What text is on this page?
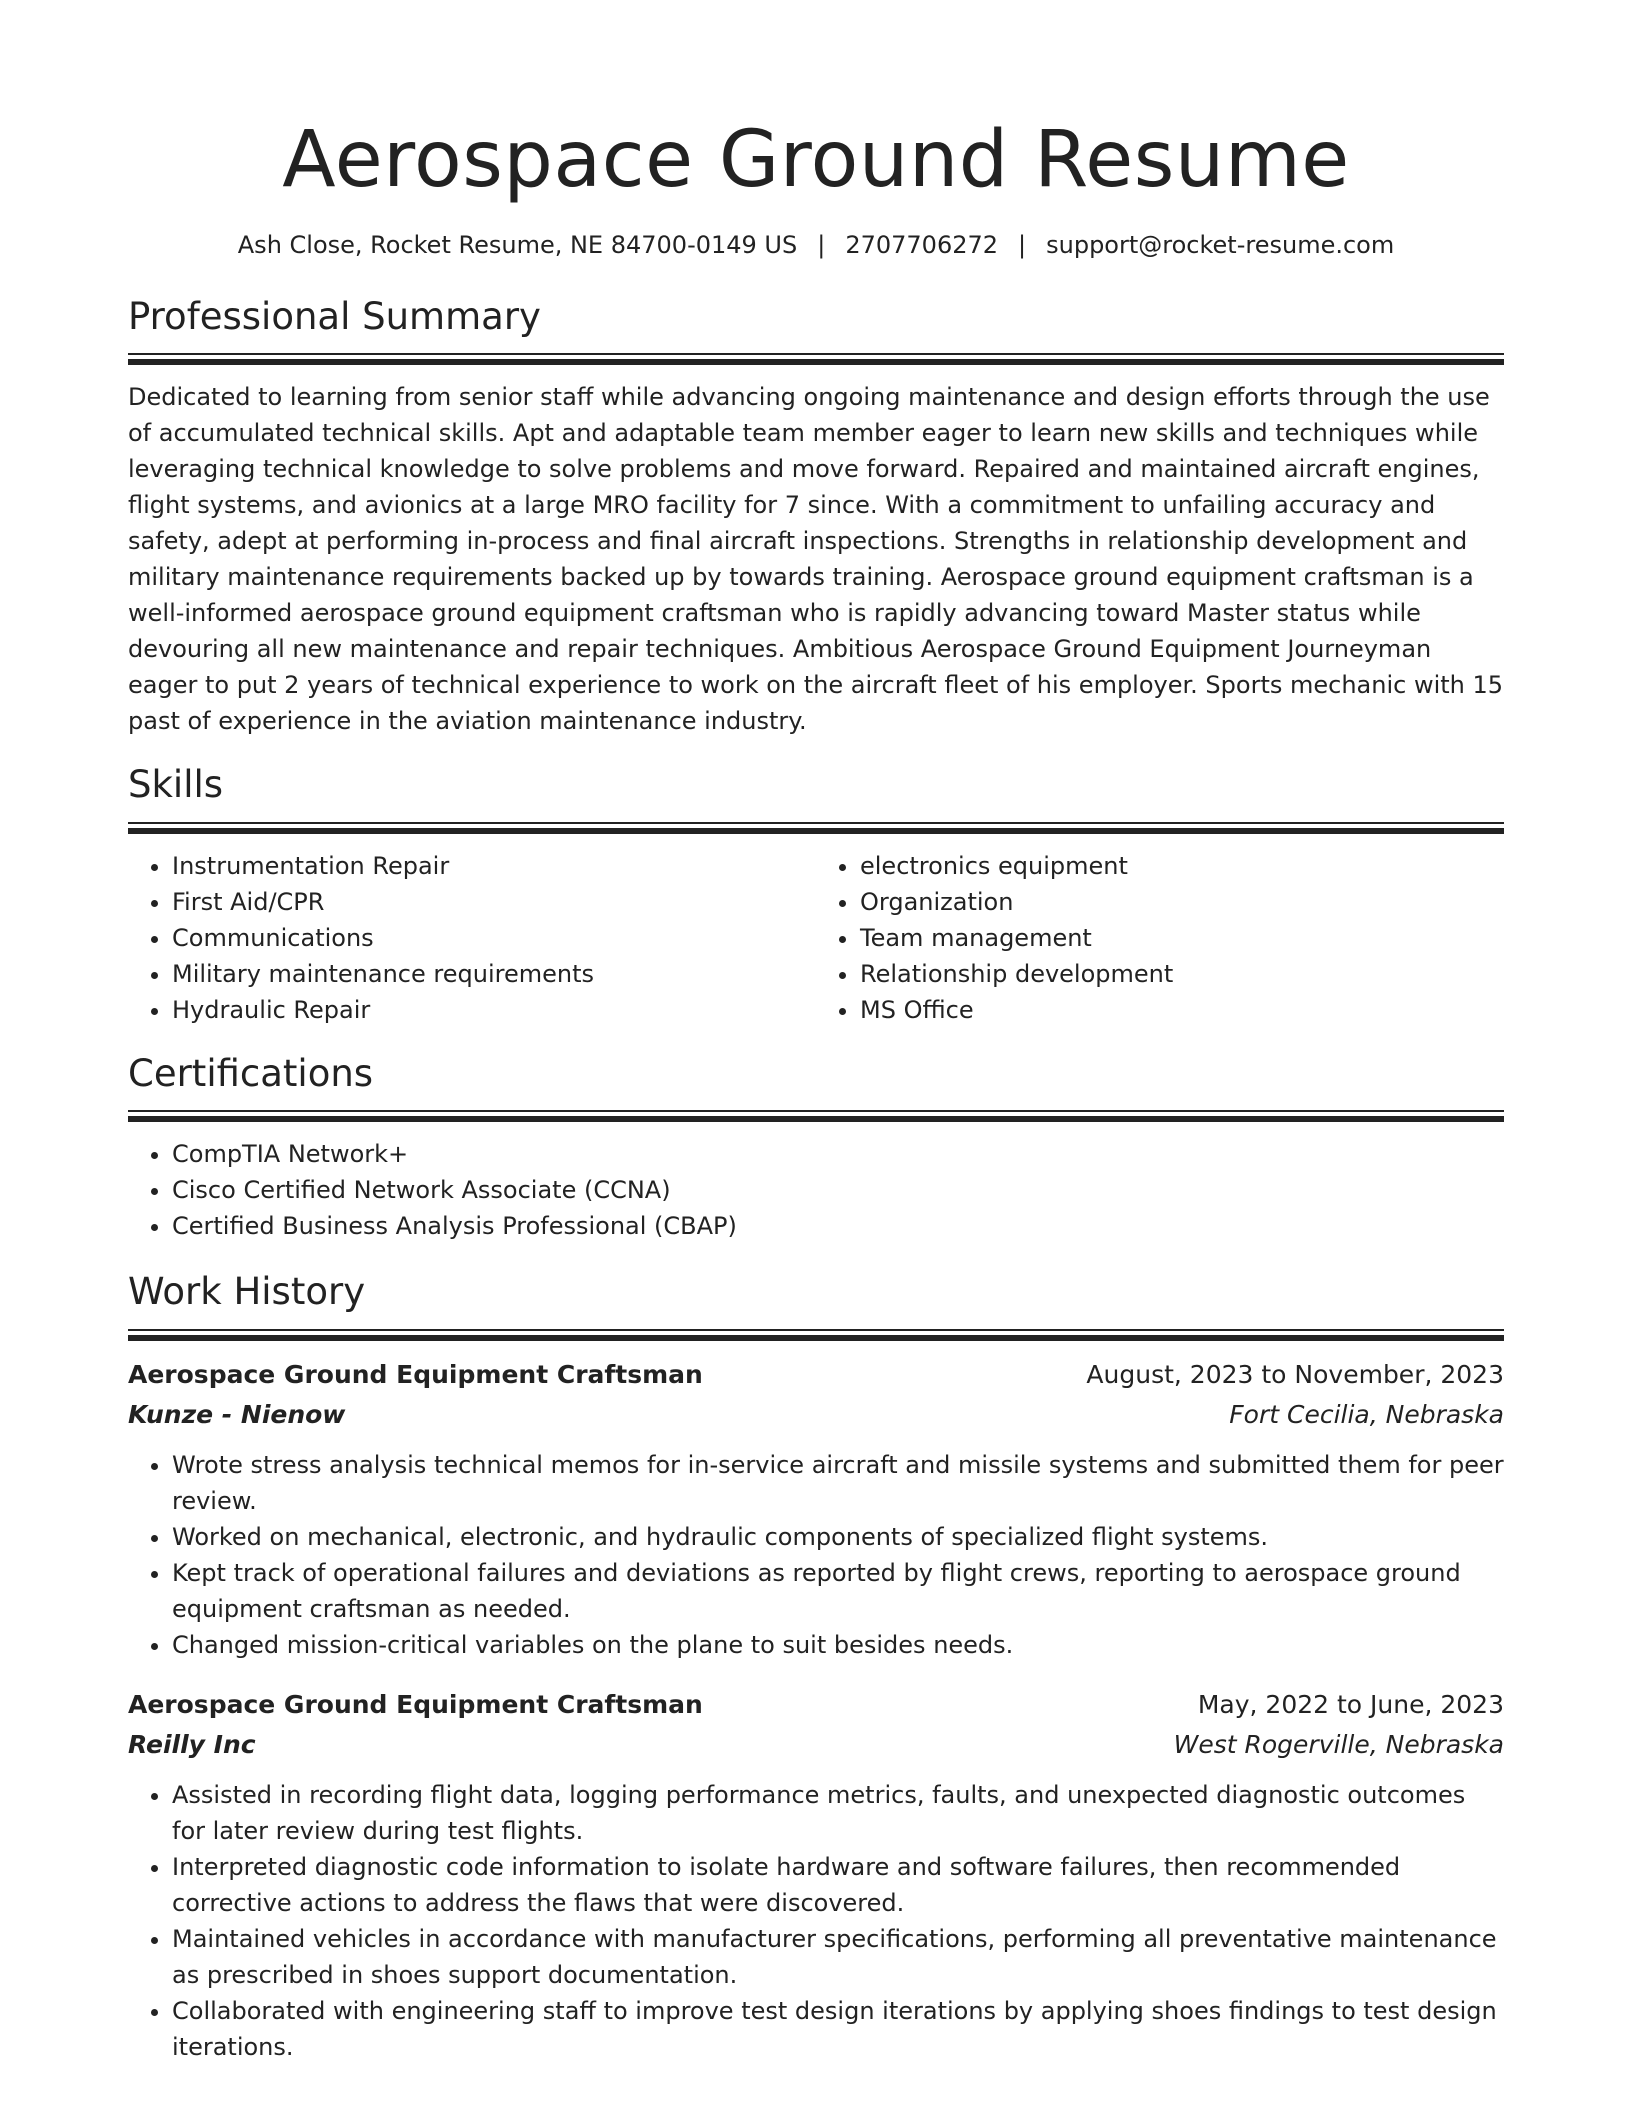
Aerospace Ground Resume
Ash Close, Rocket Resume, NE 84700-0149 US | 2707706272 | support@rocket-resume.com
Professional Summary

Dedicated to learning from senior staff while advancing ongoing maintenance and design efforts through the use of accumulated technical skills. Apt and adaptable team member eager to learn new skills and techniques while leveraging technical knowledge to solve problems and move forward. Repaired and maintained aircraft engines, flight systems, and avionics at a large MRO facility for 7 since. With a commitment to unfailing accuracy and safety, adept at performing in-process and final aircraft inspections. Strengths in relationship development and military maintenance requirements backed up by towards training. Aerospace ground equipment craftsman is a well-informed aerospace ground equipment craftsman who is rapidly advancing toward Master status while devouring all new maintenance and repair techniques. Ambitious Aerospace Ground Equipment Journeyman eager to put 2 years of technical experience to work on the aircraft fleet of his employer. Sports mechanic with 15 past of experience in the aviation maintenance industry.

Skills
• Instrumentation Repair
• First Aid/CPR
• Communications
• Military maintenance requirements
• Hydraulic Repair
• electronics equipment
• Organization
• Team management
• Relationship development
• MS Office
Certifications
• CompTIA Network+
• Cisco Certified Network Associate (CCNA)
• Certified Business Analysis Professional (CBAP)
Work History
Aerospace Ground Equipment Craftsman	August, 2023 to November, 2023
Kunze - Nienow	Fort Cecilia, Nebraska
• Wrote stress analysis technical memos for in-service aircraft and missile systems and submitted them for peer review.
• Worked on mechanical, electronic, and hydraulic components of specialized flight systems.
• Kept track of operational failures and deviations as reported by flight crews, reporting to aerospace ground equipment craftsman as needed.
• Changed mission-critical variables on the plane to suit besides needs.
Aerospace Ground Equipment Craftsman	May, 2022 to June, 2023
Reilly Inc	West Rogerville, Nebraska
• Assisted in recording flight data, logging performance metrics, faults, and unexpected diagnostic outcomes for later review during test flights.
• Interpreted diagnostic code information to isolate hardware and software failures, then recommended corrective actions to address the flaws that were discovered.
• Maintained vehicles in accordance with manufacturer specifications, performing all preventative maintenance as prescribed in shoes support documentation.
• Collaborated with engineering staff to improve test design iterations by applying shoes findings to test design iterations.
